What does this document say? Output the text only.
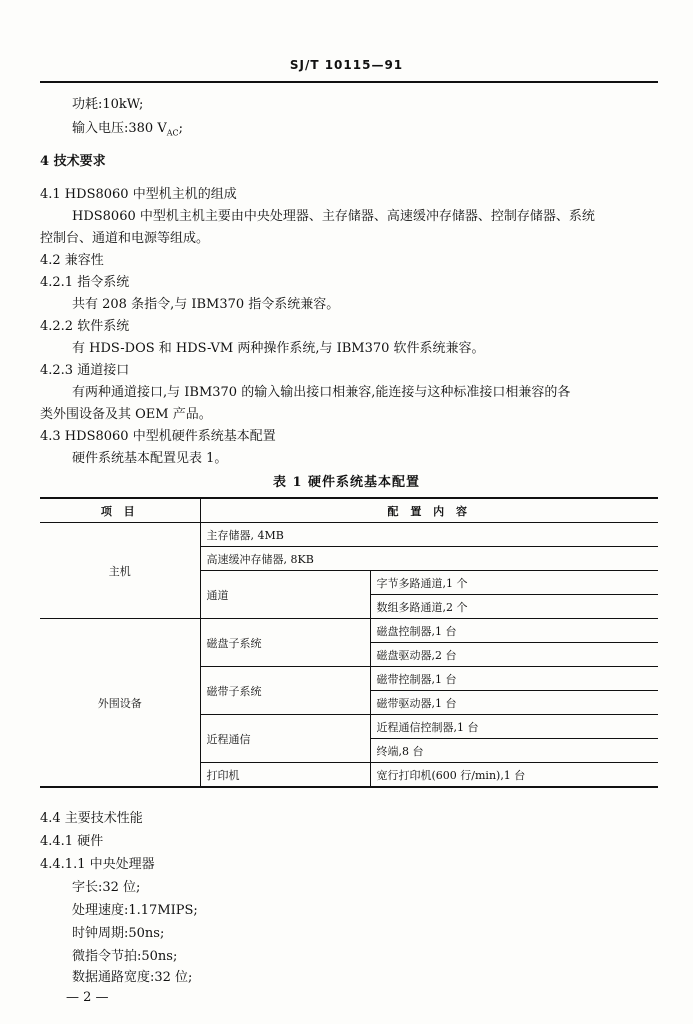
SJ/T 10115—91
功耗:10kW;
输入电压:380 $V_{AC}$;
4 技术要求
4.1 HDS8060 中型机主机的组成
HDS8060 中型机主机主要由中央处理器、主存储器、高速缓冲存储器、控制存储器、系统
控制台、通道和电源等组成。
4.2 兼容性
4.2.1 指令系统
共有 208 条指令,与 IBM370 指令系统兼容。
4.2.2 软件系统
有 HDS-DOS 和 HDS-VM 两种操作系统,与 IBM370 软件系统兼容。
4.2.3 通道接口
有两种通道接口,与 IBM370 的输入输出接口相兼容,能连接与这种标准接口相兼容的各
类外围设备及其 OEM 产品。
4.3 HDS8060 中型机硬件系统基本配置
硬件系统基本配置见表 1。
表 1 硬件系统基本配置
项 目	配 置 内 容	
主机	主存储器, 4MB	
	高速缓冲存储器, 8KB	
	通道	字节多路通道,1 个
		数组多路通道,2 个
外围设备	磁盘子系统	磁盘控制器,1 台
		磁盘驱动器,2 台
	磁带子系统	磁带控制器,1 台
		磁带驱动器,1 台
	近程通信	近程通信控制器,1 台
		终端,8 台
	打印机	宽行打印机(600 行/min),1 台
4.4 主要技术性能
4.4.1 硬件
4.4.1.1 中央处理器
字长:32 位;
处理速度:1.17MIPS;
时钟周期:50ns;
微指令节拍:50ns;
数据通路宽度:32 位;
— 2 —
